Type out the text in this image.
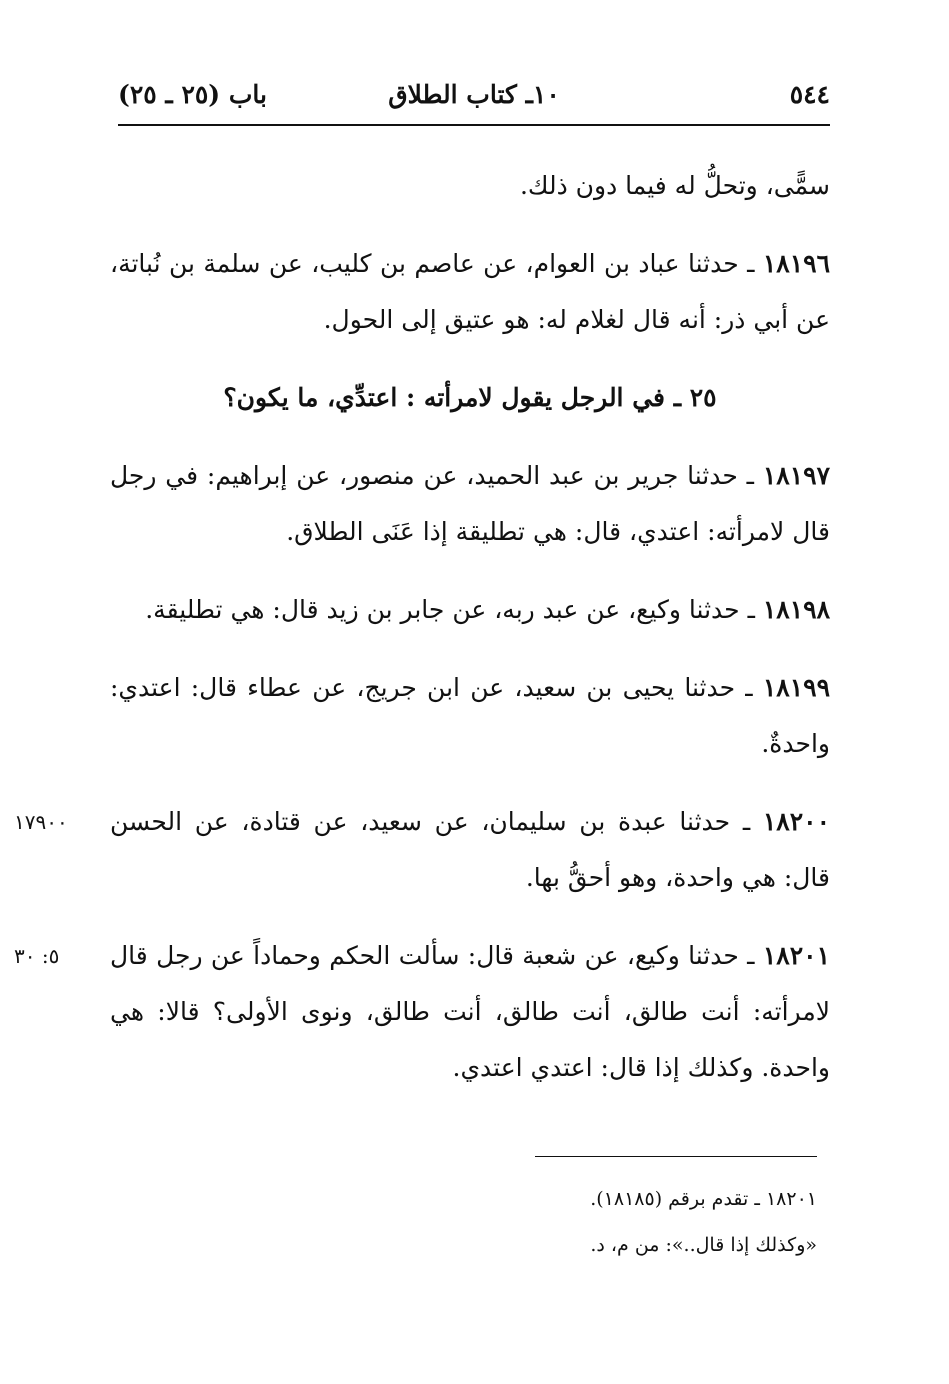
٥٤٤
١٠ـ كتاب الطلاق
باب (٢٥ ـ ٢٥)

سمًّى، وتحلُّ له فيما دون ذلك.

١٨١٩٦ ـ حدثنا عباد بن العوام، عن عاصم بن كليب، عن سلمة بن نُباتة، عن أبي ذر: أنه قال لغلام له: هو عتيق إلى الحول.

٢٥ ـ في الرجل يقول لامرأته : اعتدِّي، ما يكون؟

١٨١٩٧ ـ حدثنا جرير بن عبد الحميد، عن منصور، عن إبراهيم: في رجل قال لامرأته: اعتدي، قال: هي تطليقة إذا عَنَى الطلاق.

١٨١٩٨ ـ حدثنا وكيع، عن عبد ربه، عن جابر بن زيد قال: هي تطليقة.

١٨١٩٩ ـ حدثنا يحيى بن سعيد، عن ابن جريج، عن عطاء قال: اعتدي: واحدةٌ.

١٧٩٠٠	١٨٢٠٠ ـ حدثنا عبدة بن سليمان، عن سعيد، عن قتادة، عن الحسن قال: هي واحدة، وهو أحقُّ بها.

٥: ٣٠	١٨٢٠١ ـ حدثنا وكيع، عن شعبة قال: سألت الحكم وحماداً عن رجل قال لامرأته: أنت طالق، أنت طالق، أنت طالق، ونوى الأولى؟ قالا: هي واحدة. وكذلك إذا قال: اعتدي اعتدي.

١٨٢٠١ ـ تقدم برقم (١٨١٨٥).

«وكذلك إذا قال..»: من م، د.
